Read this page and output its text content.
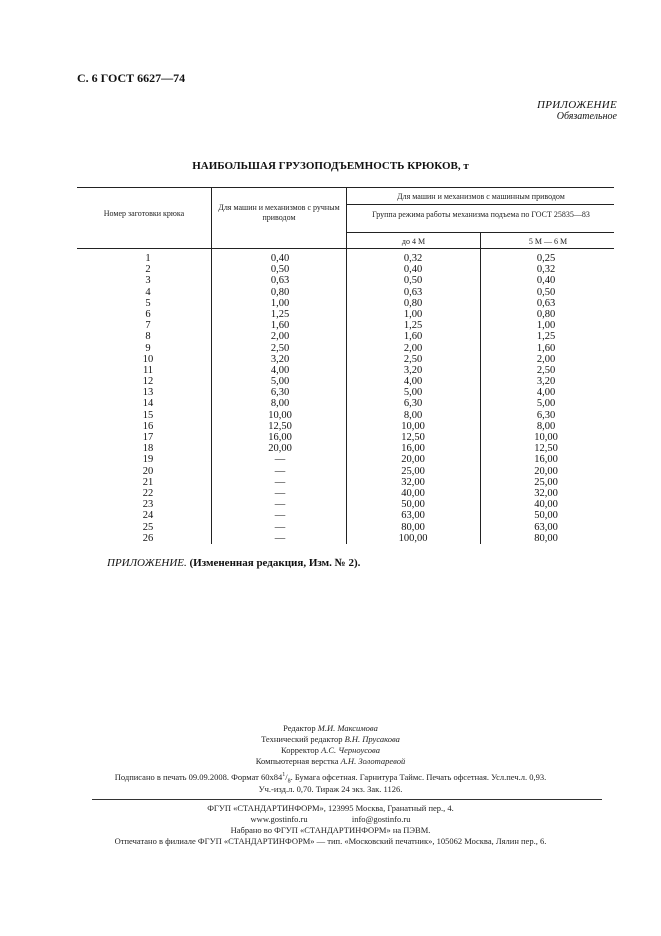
С. 6 ГОСТ 6627—74
ПРИЛОЖЕНИЕ
Обязательное
НАИБОЛЬШАЯ ГРУЗОПОДЪЕМНОСТЬ КРЮКОВ, т
Номер заготовки крюка
Для машин и механизмов с ручным приводом
Для машин и механизмов с машинным приводом
Группа режима работы механизма подъема по ГОСТ 25835—83
до 4 М	5 М — 6 М
1
2
3
4
5
6
7
8
9
10
11
12
13
14
15
16
17
18
19
20
21
22
23
24
25
26
0,40
0,50
0,63
0,80
1,00
1,25
1,60
2,00
2,50
3,20
4,00
5,00
6,30
8,00
10,00
12,50
16,00
20,00
—
—
—
—
—
—
—
—
0,32
0,40
0,50
0,63
0,80
1,00
1,25
1,60
2,00
2,50
3,20
4,00
5,00
6,30
8,00
10,00
12,50
16,00
20,00
25,00
32,00
40,00
50,00
63,00
80,00
100,00
0,25
0,32
0,40
0,50
0,63
0,80
1,00
1,25
1,60
2,00
2,50
3,20
4,00
5,00
6,30
8,00
10,00
12,50
16,00
20,00
25,00
32,00
40,00
50,00
63,00
80,00
ПРИЛОЖЕНИЕ. (Измененная редакция, Изм. № 2).
Редактор М.И. Максимова
Технический редактор В.Н. Прусакова
Корректор А.С. Черноусова
Компьютерная верстка А.Н. Золотаревой
Подписано в печать 09.09.2008. Формат $60x84^1/_8$. Бумага офсетная. Гарнитура Таймс. Печать офсетная. Усл.печ.л. 0,93.
Уч.-изд.л. 0,70. Тираж 24 экз. Зак. 1126.
ФГУП «СТАНДАРТИНФОРМ», 123995 Москва, Гранатный пер., 4.
www.gostinfo.ru	info@gostinfo.ru
Набрано во ФГУП «СТАНДАРТИНФОРМ» на ПЭВМ.
Отпечатано в филиале ФГУП «СТАНДАРТИНФОРМ» — тип. «Московский печатник», 105062 Москва, Лялин пер., 6.
